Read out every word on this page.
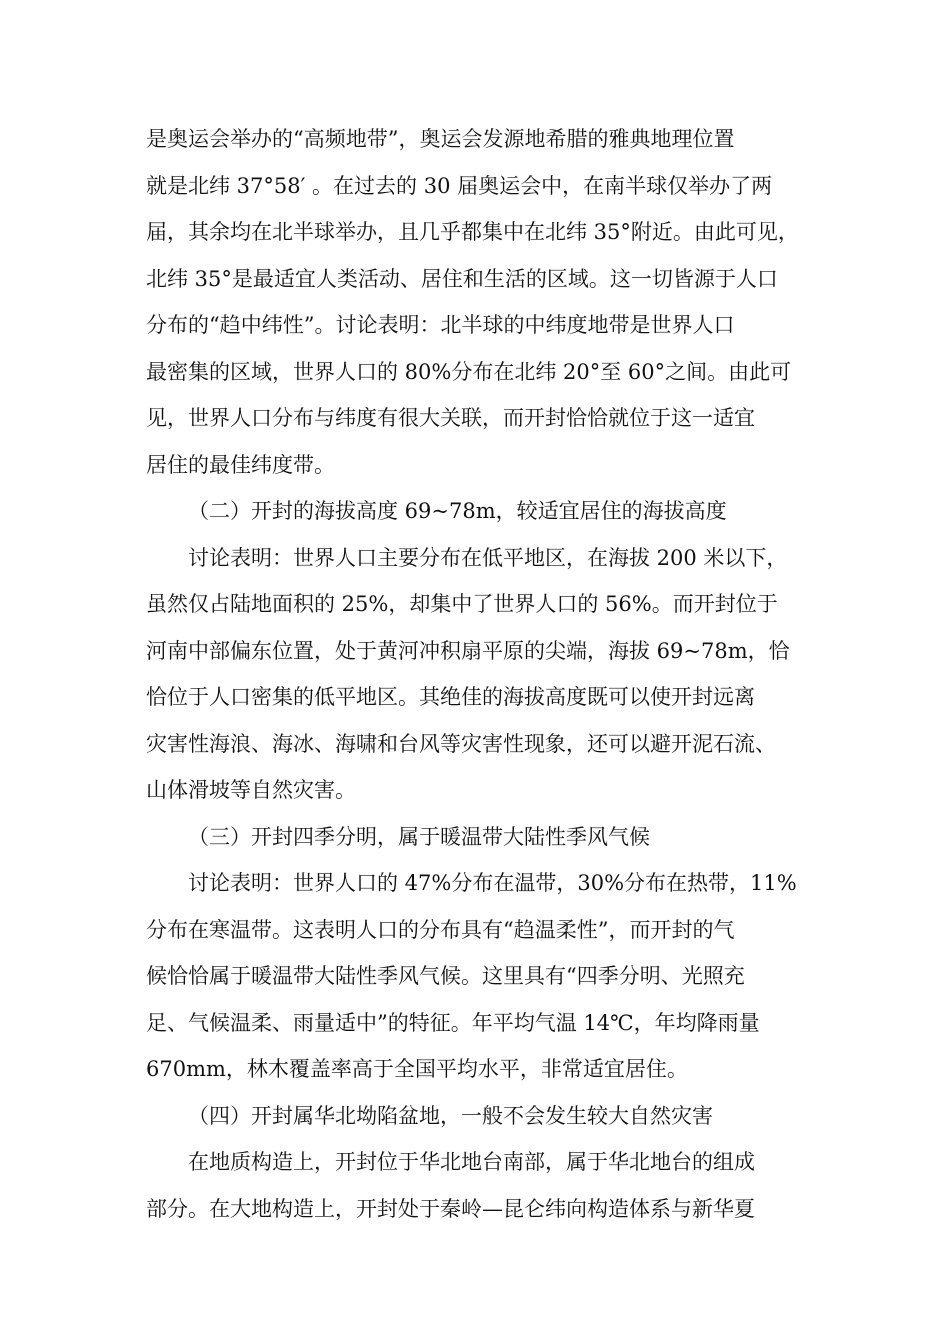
是奥运会举办的“高频地带”，奥运会发源地希腊的雅典地理位置
就是北纬 37°58′ 。在过去的 30 届奥运会中，在南半球仅举办了两
届，其余均在北半球举办，且几乎都集中在北纬 35°附近。由此可见，
北纬 35°是最适宜人类活动、居住和生活的区域。这一切皆源于人口
分布的“趋中纬性”。讨论表明：北半球的中纬度地带是世界人口
最密集的区域，世界人口的 80%分布在北纬 20°至 60°之间。由此可
见，世界人口分布与纬度有很大关联，而开封恰恰就位于这一适宜
居住的最佳纬度带。
（二）开封的海拔高度 69~78m，较适宜居住的海拔高度
讨论表明：世界人口主要分布在低平地区，在海拔 200 米以下，
虽然仅占陆地面积的 25%，却集中了世界人口的 56%。而开封位于
河南中部偏东位置，处于黄河冲积扇平原的尖端，海拔 69~78m，恰
恰位于人口密集的低平地区。其绝佳的海拔高度既可以使开封远离
灾害性海浪、海冰、海啸和台风等灾害性现象，还可以避开泥石流、
山体滑坡等自然灾害。
（三）开封四季分明，属于暖温带大陆性季风气候
讨论表明：世界人口的 47%分布在温带，30%分布在热带，11%
分布在寒温带。这表明人口的分布具有“趋温柔性”，而开封的气
候恰恰属于暖温带大陆性季风气候。这里具有“四季分明、光照充
足、气候温柔、雨量适中”的特征。年平均气温 14℃，年均降雨量
670mm，林木覆盖率高于全国平均水平，非常适宜居住。
（四）开封属华北坳陷盆地，一般不会发生较大自然灾害
在地质构造上，开封位于华北地台南部，属于华北地台的组成
部分。在大地构造上，开封处于秦岭—昆仑纬向构造体系与新华夏
